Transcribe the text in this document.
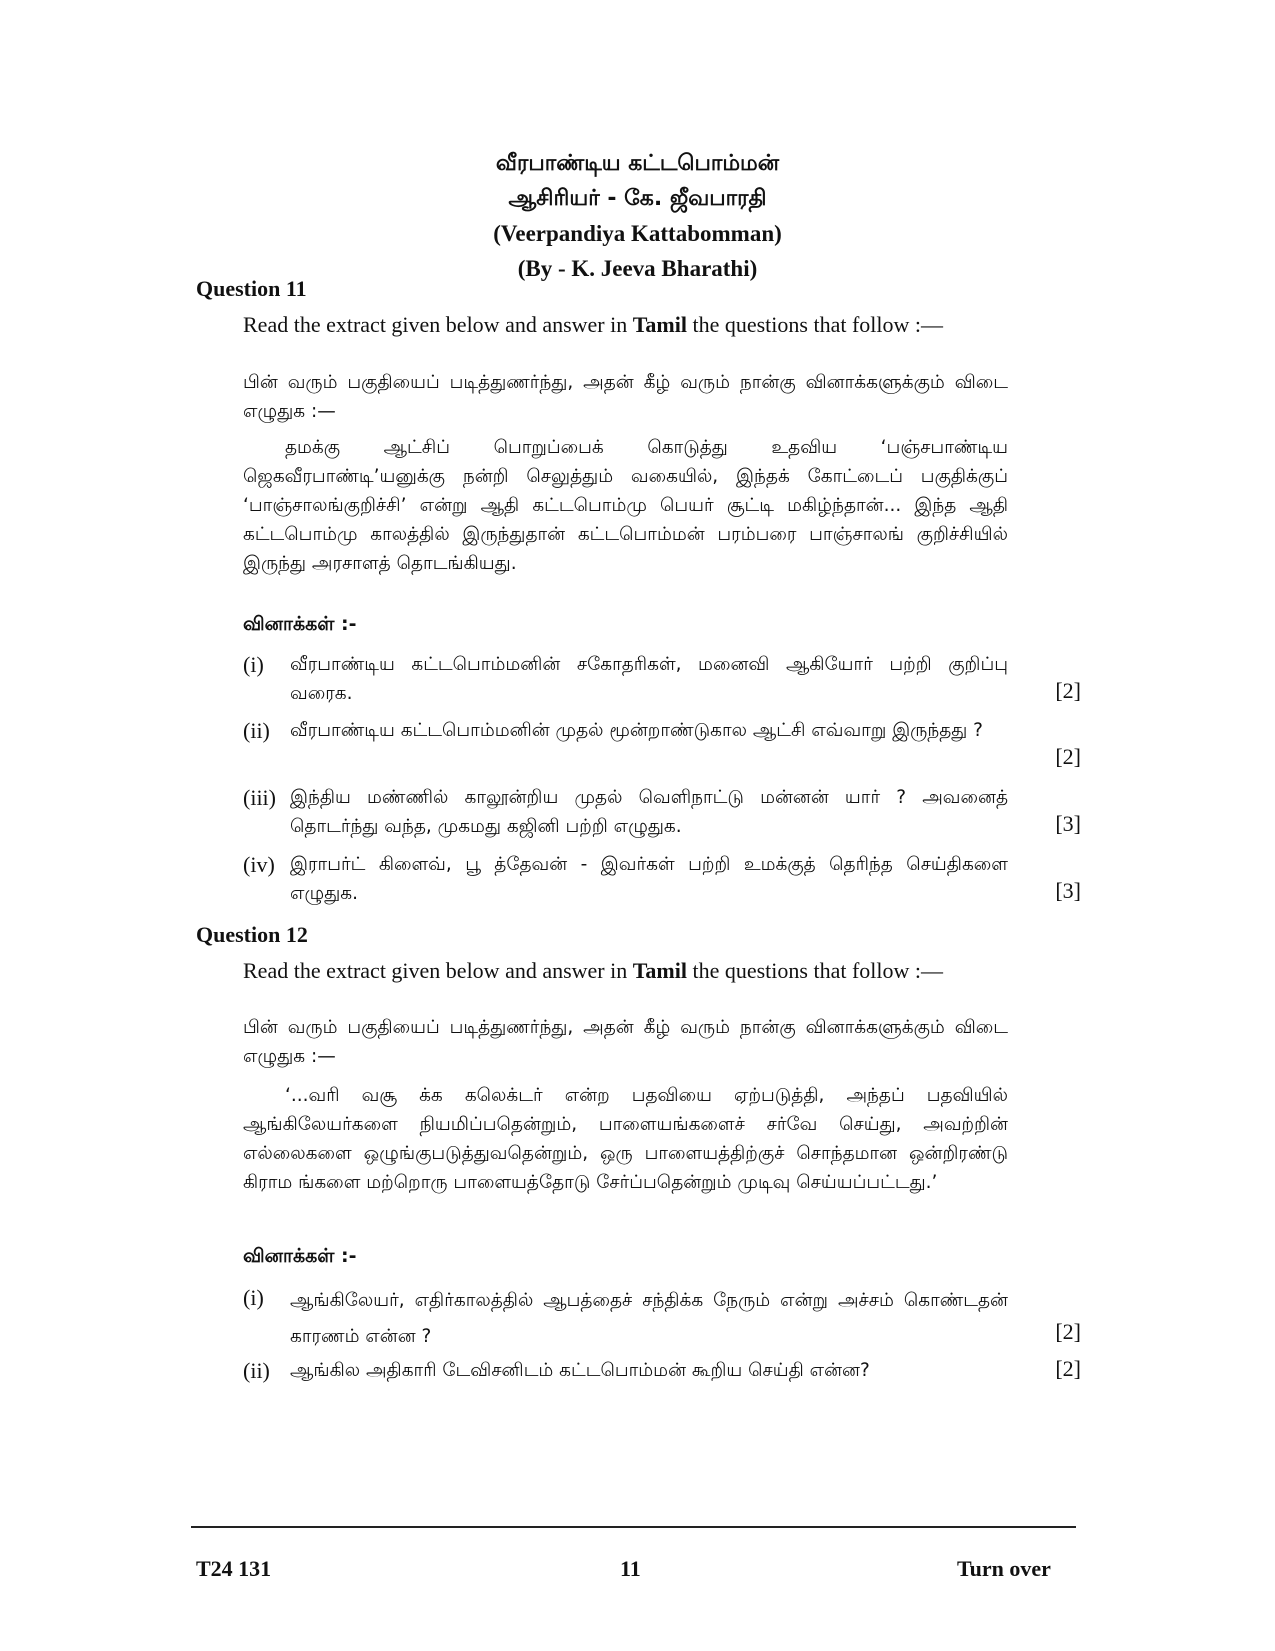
வீரபாண்டிய கட்டபொம்மன்
ஆசிரியர் - கே. ஜீவபாரதி
(Veerpandiya Kattabomman)
(By - K. Jeeva Bharathi)
Question 11
Read the extract given below and answer in Tamil the questions that follow :—
பின் வரும் பகுதியைப் படித்துணர்ந்து, அதன் கீழ் வரும் நான்கு வினாக்களுக்கும் விடை எழுதுக :—
தமக்கு ஆட்சிப் பொறுப்பைக் கொடுத்து உதவிய ‘பஞ்சபாண்டிய ஜெகவீரபாண்டி’யனுக்கு நன்றி செலுத்தும் வகையில், இந்தக் கோட்டைப் பகுதிக்குப் ‘பாஞ்சாலங்குறிச்சி’ என்று ஆதி கட்டபொம்மு பெயர் சூட்டி மகிழ்ந்தான்... இந்த ஆதி கட்டபொம்மு காலத்தில் இருந்துதான் கட்டபொம்மன் பரம்பரை பாஞ்சாலங் குறிச்சியில் இருந்து அரசாளத் தொடங்கியது.
வினாக்கள் :-
(i) வீரபாண்டிய கட்டபொம்மனின் சகோதரிகள், மனைவி ஆகியோர் பற்றி குறிப்பு வரைக.	[2]
(ii) வீரபாண்டிய கட்டபொம்மனின் முதல் மூன்றாண்டுகால ஆட்சி எவ்வாறு இருந்தது ?
[2]
(iii) இந்திய மண்ணில் காலூன்றிய முதல் வெளிநாட்டு மன்னன் யார் ? அவனைத் தொடர்ந்து வந்த, முகமது கஜினி பற்றி எழுதுக.	[3]
(iv) இராபர்ட் கிளைவ், பூ த்தேவன் - இவர்கள் பற்றி உமக்குத் தெரிந்த செய்திகளை எழுதுக.	[3]
Question 12
Read the extract given below and answer in Tamil the questions that follow :—
பின் வரும் பகுதியைப் படித்துணர்ந்து, அதன் கீழ் வரும் நான்கு வினாக்களுக்கும் விடை எழுதுக :—
‘...வரி வசூ க்க கலெக்டர் என்ற பதவியை ஏற்படுத்தி, அந்தப் பதவியில் ஆங்கிலேயர்களை நியமிப்பதென்றும், பாளையங்களைச் சர்வே செய்து, அவற்றின் எல்லைகளை ஒழுங்குபடுத்துவதென்றும், ஒரு பாளையத்திற்குச் சொந்தமான ஒன்றிரண்டு கிராம ங்களை மற்றொரு பாளையத்தோடு சேர்ப்பதென்றும் முடிவு செய்யப்பட்டது.’
வினாக்கள் :-
(i) ஆங்கிலேயர், எதிர்காலத்தில் ஆபத்தைச் சந்திக்க நேரும் என்று அச்சம் கொண்டதன் காரணம் என்ன ?	[2]
(ii) ஆங்கில அதிகாரி டேவிசனிடம் கட்டபொம்மன் கூறிய செய்தி என்ன?	[2]
T24 131	11	Turn over
